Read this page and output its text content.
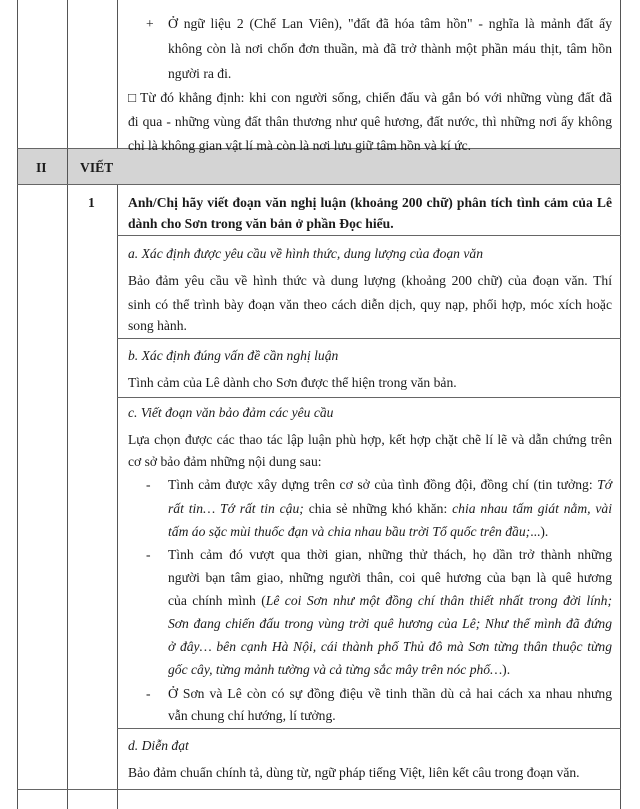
+ Ở ngữ liệu 2 (Chế Lan Viên), "đất đã hóa tâm hồn" - nghĩa là mảnh đất ấy
không còn là nơi chốn đơn thuần, mà đã trở thành một phần máu thịt, tâm hồn
người ra đi.
□ Từ đó khẳng định: khi con người sống, chiến đấu và gắn bó với những vùng đất đã
đi qua - những vùng đất thân thương như quê hương, đất nước, thì những nơi ấy không
chỉ là không gian vật lí mà còn là nơi lưu giữ tâm hồn và kí ức.
II VIẾT
1 Anh/Chị hãy viết đoạn văn nghị luận (khoảng 200 chữ) phân tích tình cảm của Lê
dành cho Sơn trong văn bản ở phần Đọc hiểu.
a. Xác định được yêu cầu về hình thức, dung lượng của đoạn văn
Bảo đảm yêu cầu về hình thức và dung lượng (khoảng 200 chữ) của đoạn văn. Thí
sinh có thể trình bày đoạn văn theo cách diễn dịch, quy nạp, phối hợp, móc xích hoặc
song hành.
b. Xác định đúng vấn đề cần nghị luận
Tình cảm của Lê dành cho Sơn được thể hiện trong văn bản.
c. Viết đoạn văn bảo đảm các yêu cầu
Lựa chọn được các thao tác lập luận phù hợp, kết hợp chặt chẽ lí lẽ và dẫn chứng trên
cơ sở bảo đảm những nội dung sau:
- Tình cảm được xây dựng trên cơ sở của tình đồng đội, đồng chí (tin tưởng: Tớ
rất tin… Tớ rất tin cậu; chia sẻ những khó khăn: chia nhau tấm giát nằm, vài
tấm áo sặc mùi thuốc đạn và chia nhau bầu trời Tổ quốc trên đầu;...).
- Tình cảm đó vượt qua thời gian, những thử thách, họ dần trở thành những
người bạn tâm giao, những người thân, coi quê hương của bạn là quê hương
của chính mình (Lê coi Sơn như một đồng chí thân thiết nhất trong đời lính;
Sơn đang chiến đấu trong vùng trời quê hương của Lê; Như thể mình đã đứng
ở đây… bên cạnh Hà Nội, cái thành phố Thủ đô mà Sơn từng thân thuộc từng
gốc cây, từng mảnh tường và cả từng sắc mây trên nóc phố…).
- Ở Sơn và Lê còn có sự đồng điệu về tinh thần dù cả hai cách xa nhau nhưng
vẫn chung chí hướng, lí tưởng.
d. Diễn đạt
Bảo đảm chuẩn chính tả, dùng từ, ngữ pháp tiếng Việt, liên kết câu trong đoạn văn.
